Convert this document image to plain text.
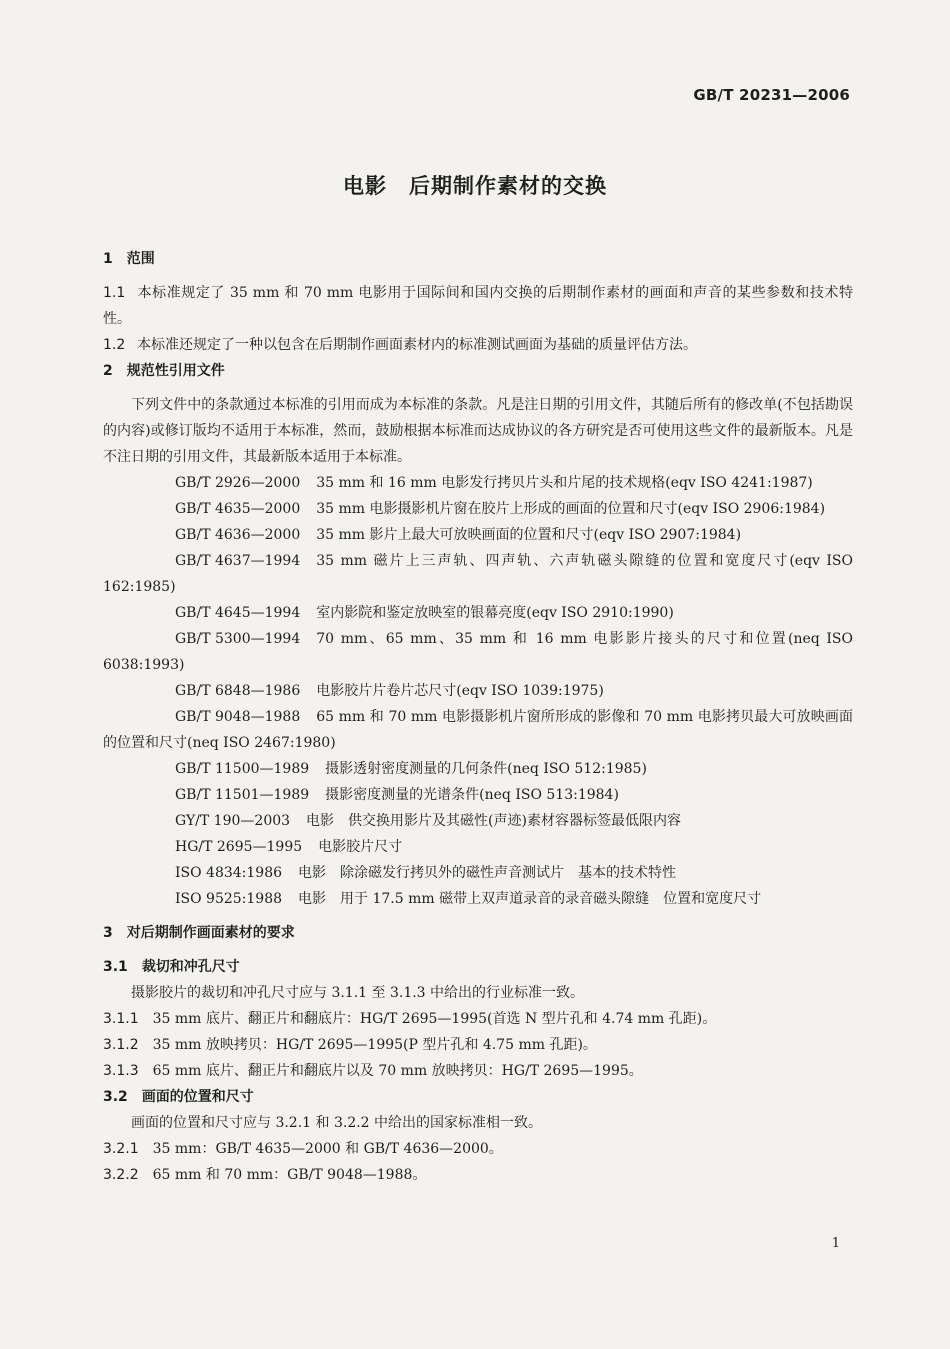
GB/T 20231—2006
电影　后期制作素材的交换
1　范围
1.1 本标准规定了 35 mm 和 70 mm 电影用于国际间和国内交换的后期制作素材的画面和声音的某些参数和技术特性。
1.2 本标准还规定了一种以包含在后期制作画面素材内的标准测试画面为基础的质量评估方法。
2　规范性引用文件
下列文件中的条款通过本标准的引用而成为本标准的条款。凡是注日期的引用文件，其随后所有的修改单(不包括勘误的内容)或修订版均不适用于本标准，然而，鼓励根据本标准而达成协议的各方研究是否可使用这些文件的最新版本。凡是不注日期的引用文件，其最新版本适用于本标准。
GB/T 2926—2000 35 mm 和 16 mm 电影发行拷贝片头和片尾的技术规格(eqv ISO 4241:1987)
GB/T 4635—2000 35 mm 电影摄影机片窗在胶片上形成的画面的位置和尺寸(eqv ISO 2906:1984)
GB/T 4636—2000 35 mm 影片上最大可放映画面的位置和尺寸(eqv ISO 2907:1984)
GB/T 4637—1994 35 mm 磁片上三声轨、四声轨、六声轨磁头隙缝的位置和宽度尺寸(eqv ISO 162:1985)
GB/T 4645—1994 室内影院和鉴定放映室的银幕亮度(eqv ISO 2910:1990)
GB/T 5300—1994 70 mm、65 mm、35 mm 和 16 mm 电影影片接头的尺寸和位置(neq ISO 6038:1993)
GB/T 6848—1986 电影胶片片卷片芯尺寸(eqv ISO 1039:1975)
GB/T 9048—1988 65 mm 和 70 mm 电影摄影机片窗所形成的影像和 70 mm 电影拷贝最大可放映画面的位置和尺寸(neq ISO 2467:1980)
GB/T 11500—1989 摄影透射密度测量的几何条件(neq ISO 512:1985)
GB/T 11501—1989 摄影密度测量的光谱条件(neq ISO 513:1984)
GY/T 190—2003 电影　供交换用影片及其磁性(声迹)素材容器标签最低限内容
HG/T 2695—1995 电影胶片尺寸
ISO 4834:1986 电影　除涂磁发行拷贝外的磁性声音测试片　基本的技术特性
ISO 9525:1988 电影　用于 17.5 mm 磁带上双声道录音的录音磁头隙缝　位置和宽度尺寸
3　对后期制作画面素材的要求
3.1 裁切和冲孔尺寸
摄影胶片的裁切和冲孔尺寸应与 3.1.1 至 3.1.3 中给出的行业标准一致。
3.1.1 35 mm 底片、翻正片和翻底片：HG/T 2695—1995(首选 N 型片孔和 4.74 mm 孔距)。
3.1.2 35 mm 放映拷贝：HG/T 2695—1995(P 型片孔和 4.75 mm 孔距)。
3.1.3 65 mm 底片、翻正片和翻底片以及 70 mm 放映拷贝：HG/T 2695—1995。
3.2 画面的位置和尺寸
画面的位置和尺寸应与 3.2.1 和 3.2.2 中给出的国家标准相一致。
3.2.1 35 mm：GB/T 4635—2000 和 GB/T 4636—2000。
3.2.2 65 mm 和 70 mm：GB/T 9048—1988。
1
